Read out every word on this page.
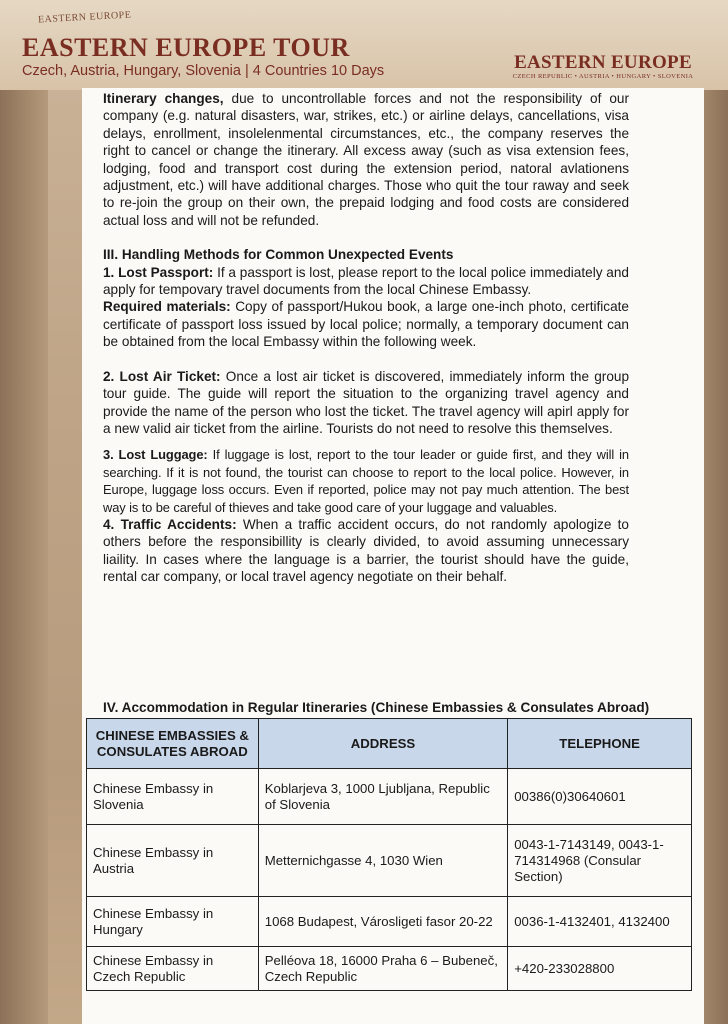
EASTERN EUROPE
EASTERN EUROPE TOUR
Czech, Austria, Hungary, Slovenia | 4 Countries 10 Days	EASTERN EUROPE
CZECH REPUBLIC • AUSTRIA • HUNGARY • SLOVENIA

Itinerary changes, due to uncontrollable forces and not the responsibility of our company (e.g. natural disasters, war, strikes, etc.) or airline delays, cancellations, visa delays, enrollment, insolelenmental circumstances, etc., the company reserves the right to cancel or change the itinerary. All excess away (such as visa extension fees, lodging, food and transport cost during the extension period, natoral avlationens adjustment, etc.) will have additional charges. Those who quit the tour raway and seek to re-join the group on their own, the prepaid lodging and food costs are considered actual loss and will not be refunded.

III. Handling Methods for Common Unexpected Events

1. Lost Passport: If a passport is lost, please report to the local police immediately and apply for tempovary travel documents from the local Chinese Embassy.

Required materials: Copy of passport/Hukou book, a large one-inch photo, certificate certificate of passport loss issued by local police; normally, a temporary document can be obtained from the local Embassy within the following week.

2. Lost Air Ticket: Once a lost air ticket is discovered, immediately inform the group tour guide. The guide will report the situation to the organizing travel agency and provide the name of the person who lost the ticket. The travel agency will apirl apply for a new valid air ticket from the airline. Tourists do not need to resolve this themselves.

3. Lost Luggage: If luggage is lost, report to the tour leader or guide first, and they will in searching. If it is not found, the tourist can choose to report to the local police. However, in Europe, luggage loss occurs. Even if reported, police may not pay much attention. The best way is to be careful of thieves and take good care of your luggage and valuables.

4. Traffic Accidents: When a traffic accident occurs, do not randomly apologize to others before the responsibillity is clearly divided, to avoid assuming unnecessary liaility. In cases where the language is a barrier, the tourist should have the guide, rental car company, or local travel agency negotiate on their behalf.

IV. Accommodation in Regular Itineraries (Chinese Embassies & Consulates Abroad)
CHINESE EMBASSIES & CONSULATES ABROAD	ADDRESS	TELEPHONE
Chinese Embassy in Slovenia	Koblarjeva 3, 1000 Ljubljana, Republic of Slovenia	00386(0)30640601
Chinese Embassy in Austria	Metternichgasse 4, 1030 Wien	0043-1-7143149, 0043-1-714314968 (Consular Section)
Chinese Embassy in Hungary	1068 Budapest, Városligeti fasor 20-22	0036-1-4132401, 4132400
Chinese Embassy in Czech Republic	Pelléova 18, 16000 Praha 6 – Bubeneč, Czech Republic	+420-233028800
